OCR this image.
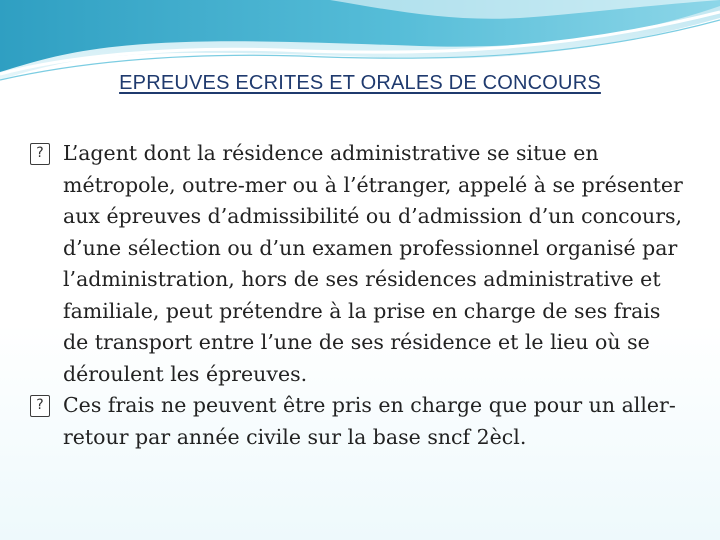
EPREUVES ECRITES ET ORALES DE CONCOURS

? L’agent dont la résidence administrative se situe en métropole, outre-mer ou à l’étranger, appelé à se présenter aux épreuves d’admissibilité ou d’admission d’un concours, d’une sélection ou d’un examen professionnel organisé par l’administration, hors de ses résidences administrative et familiale, peut prétendre à la prise en charge de ses frais de transport entre l’une de ses résidence et le lieu où se déroulent les épreuves.

? Ces frais ne peuvent être pris en charge que pour un aller-retour par année civile sur la base sncf 2ècl.
